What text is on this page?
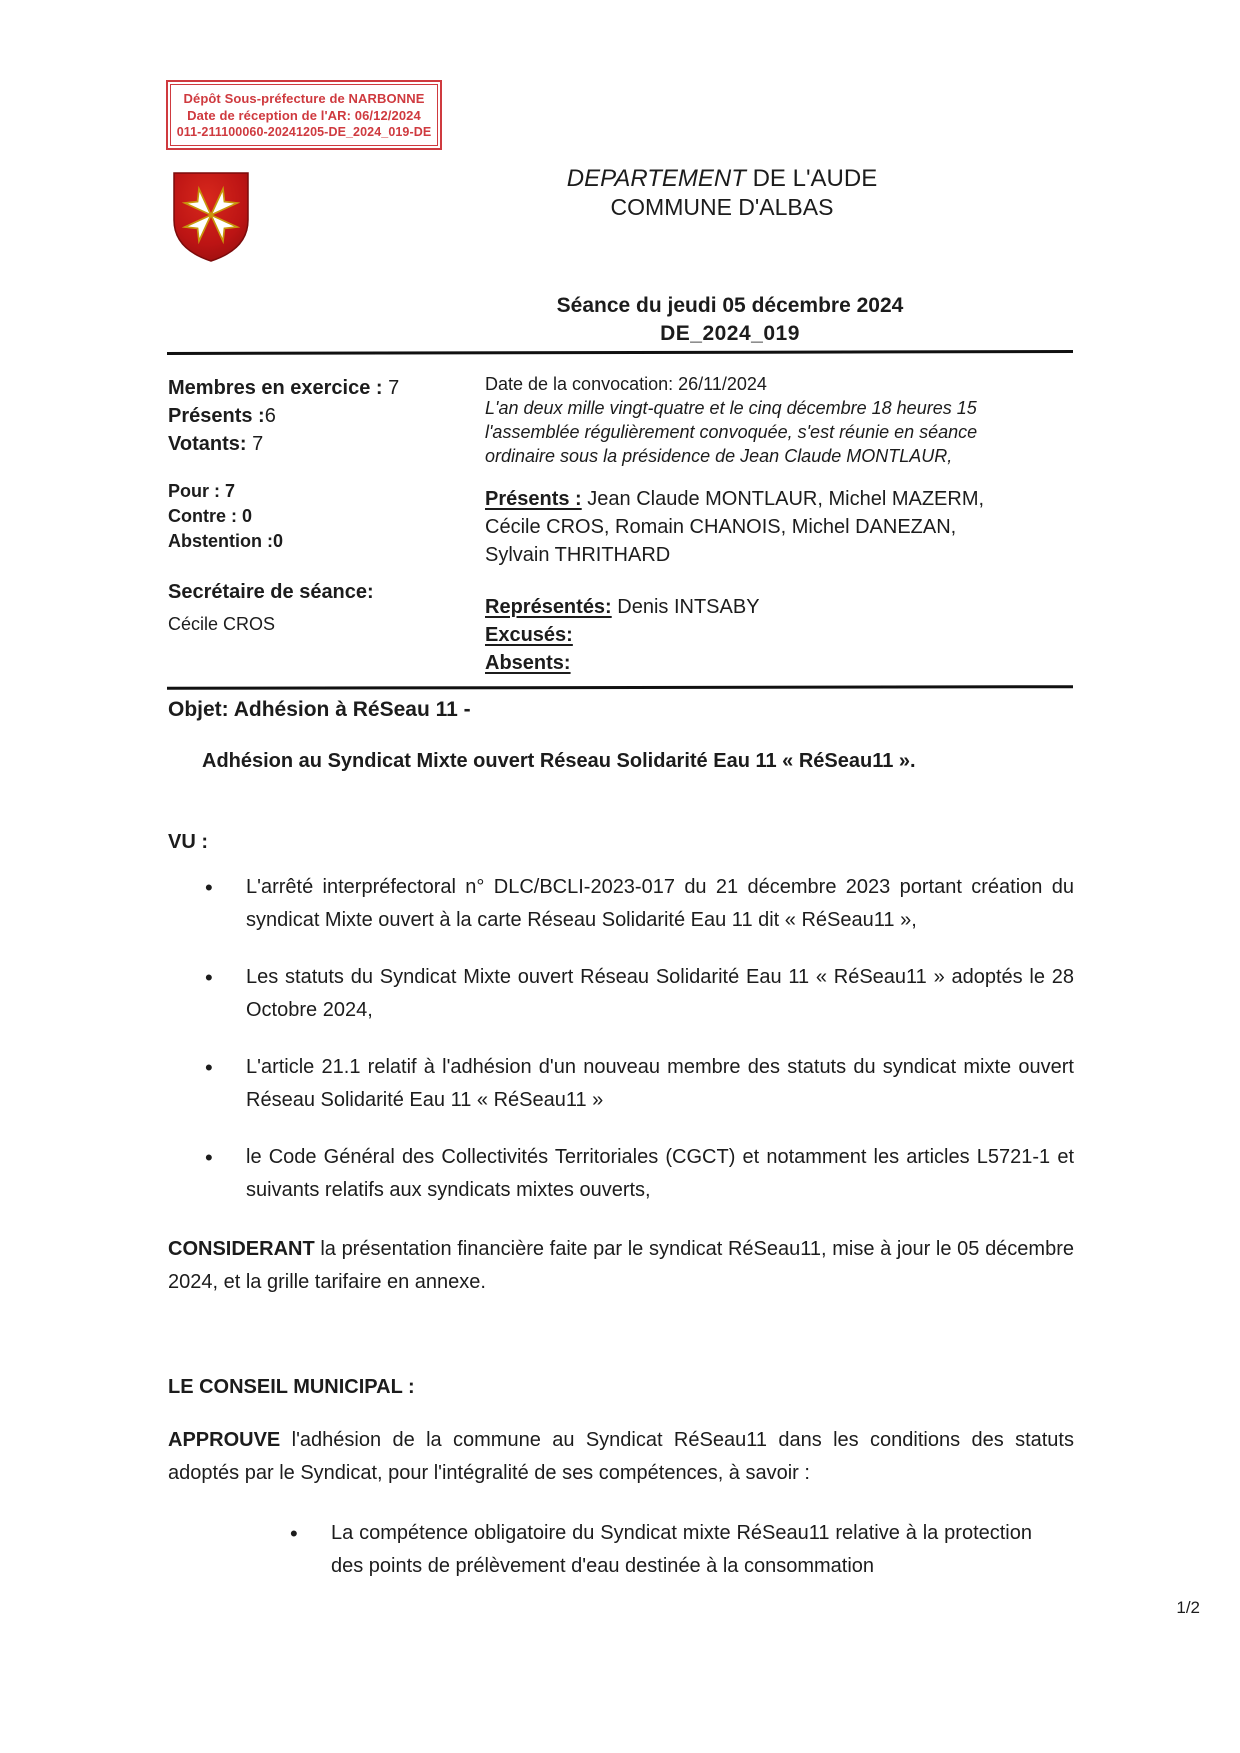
Dépôt Sous-préfecture de NARBONNE

Date de réception de l'AR: 06/12/2024

011-211100060-20241205-DE_2024_019-DE

DEPARTEMENT DE L'AUDE

COMMUNE D'ALBAS

Séance du jeudi 05 décembre 2024

DE_2024_019

Membres en exercice : 7

Présents :6

Votants: 7

Pour : 7

Contre : 0

Abstention :0

Secrétaire de séance:

Cécile CROS

Date de la convocation: 26/11/2024

L'an deux mille vingt-quatre et le cinq décembre 18 heures 15 l'assemblée régulièrement convoquée, s'est réunie en séance ordinaire sous la présidence de Jean Claude MONTLAUR,

Présents : Jean Claude MONTLAUR, Michel MAZERM, Cécile CROS, Romain CHANOIS, Michel DANEZAN, Sylvain THRITHARD

Représentés: Denis INTSABY

Excusés:

Absents:

Objet: Adhésion à RéSeau 11 -

Adhésion au Syndicat Mixte ouvert Réseau Solidarité Eau 11 « RéSeau11 ».

VU :

• L'arrêté interpréfectoral n° DLC/BCLI-2023-017 du 21 décembre 2023 portant création du syndicat Mixte ouvert à la carte Réseau Solidarité Eau 11 dit « RéSeau11 »,
• Les statuts du Syndicat Mixte ouvert Réseau Solidarité Eau 11 « RéSeau11 » adoptés le 28 Octobre 2024,
• L'article 21.1 relatif à l'adhésion d'un nouveau membre des statuts du syndicat mixte ouvert Réseau Solidarité Eau 11 « RéSeau11 »
• le Code Général des Collectivités Territoriales (CGCT) et notamment les articles L5721-1 et suivants relatifs aux syndicats mixtes ouverts,

CONSIDERANT la présentation financière faite par le syndicat RéSeau11, mise à jour le 05 décembre 2024, et la grille tarifaire en annexe.

LE CONSEIL MUNICIPAL :

APPROUVE l'adhésion de la commune au Syndicat RéSeau11 dans les conditions des statuts adoptés par le Syndicat, pour l'intégralité de ses compétences, à savoir :

• La compétence obligatoire du Syndicat mixte RéSeau11 relative à la protection des points de prélèvement d'eau destinée à la consommation
1/2
